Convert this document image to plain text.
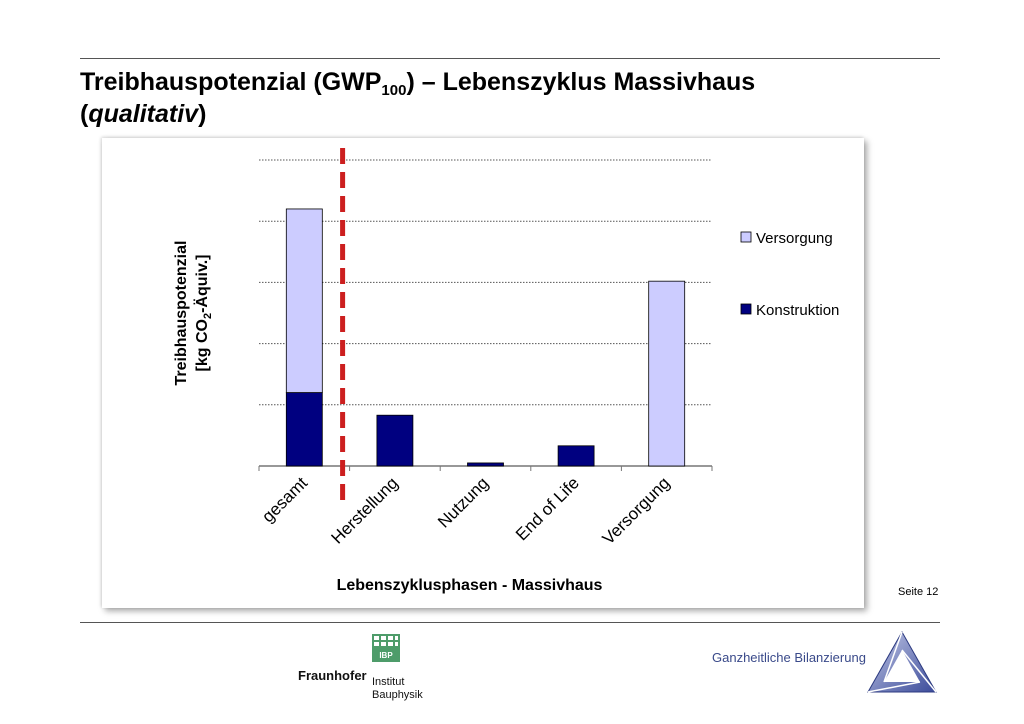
Treibhauspotenzial $(GWP_{100})$ – Lebenszyklus Massivhaus
(qualitativ)
gesamt Herstellung Nutzung End of Life Versorgung
Lebenszyklusphasen - Massivhaus
Treibhauspotenzial [kg $CO_2-Äquiv$.]
Versorgung
Konstruktion
Seite 12
IBP
Fraunhofer Institut
Bauphysik
Ganzheitliche Bilanzierung
